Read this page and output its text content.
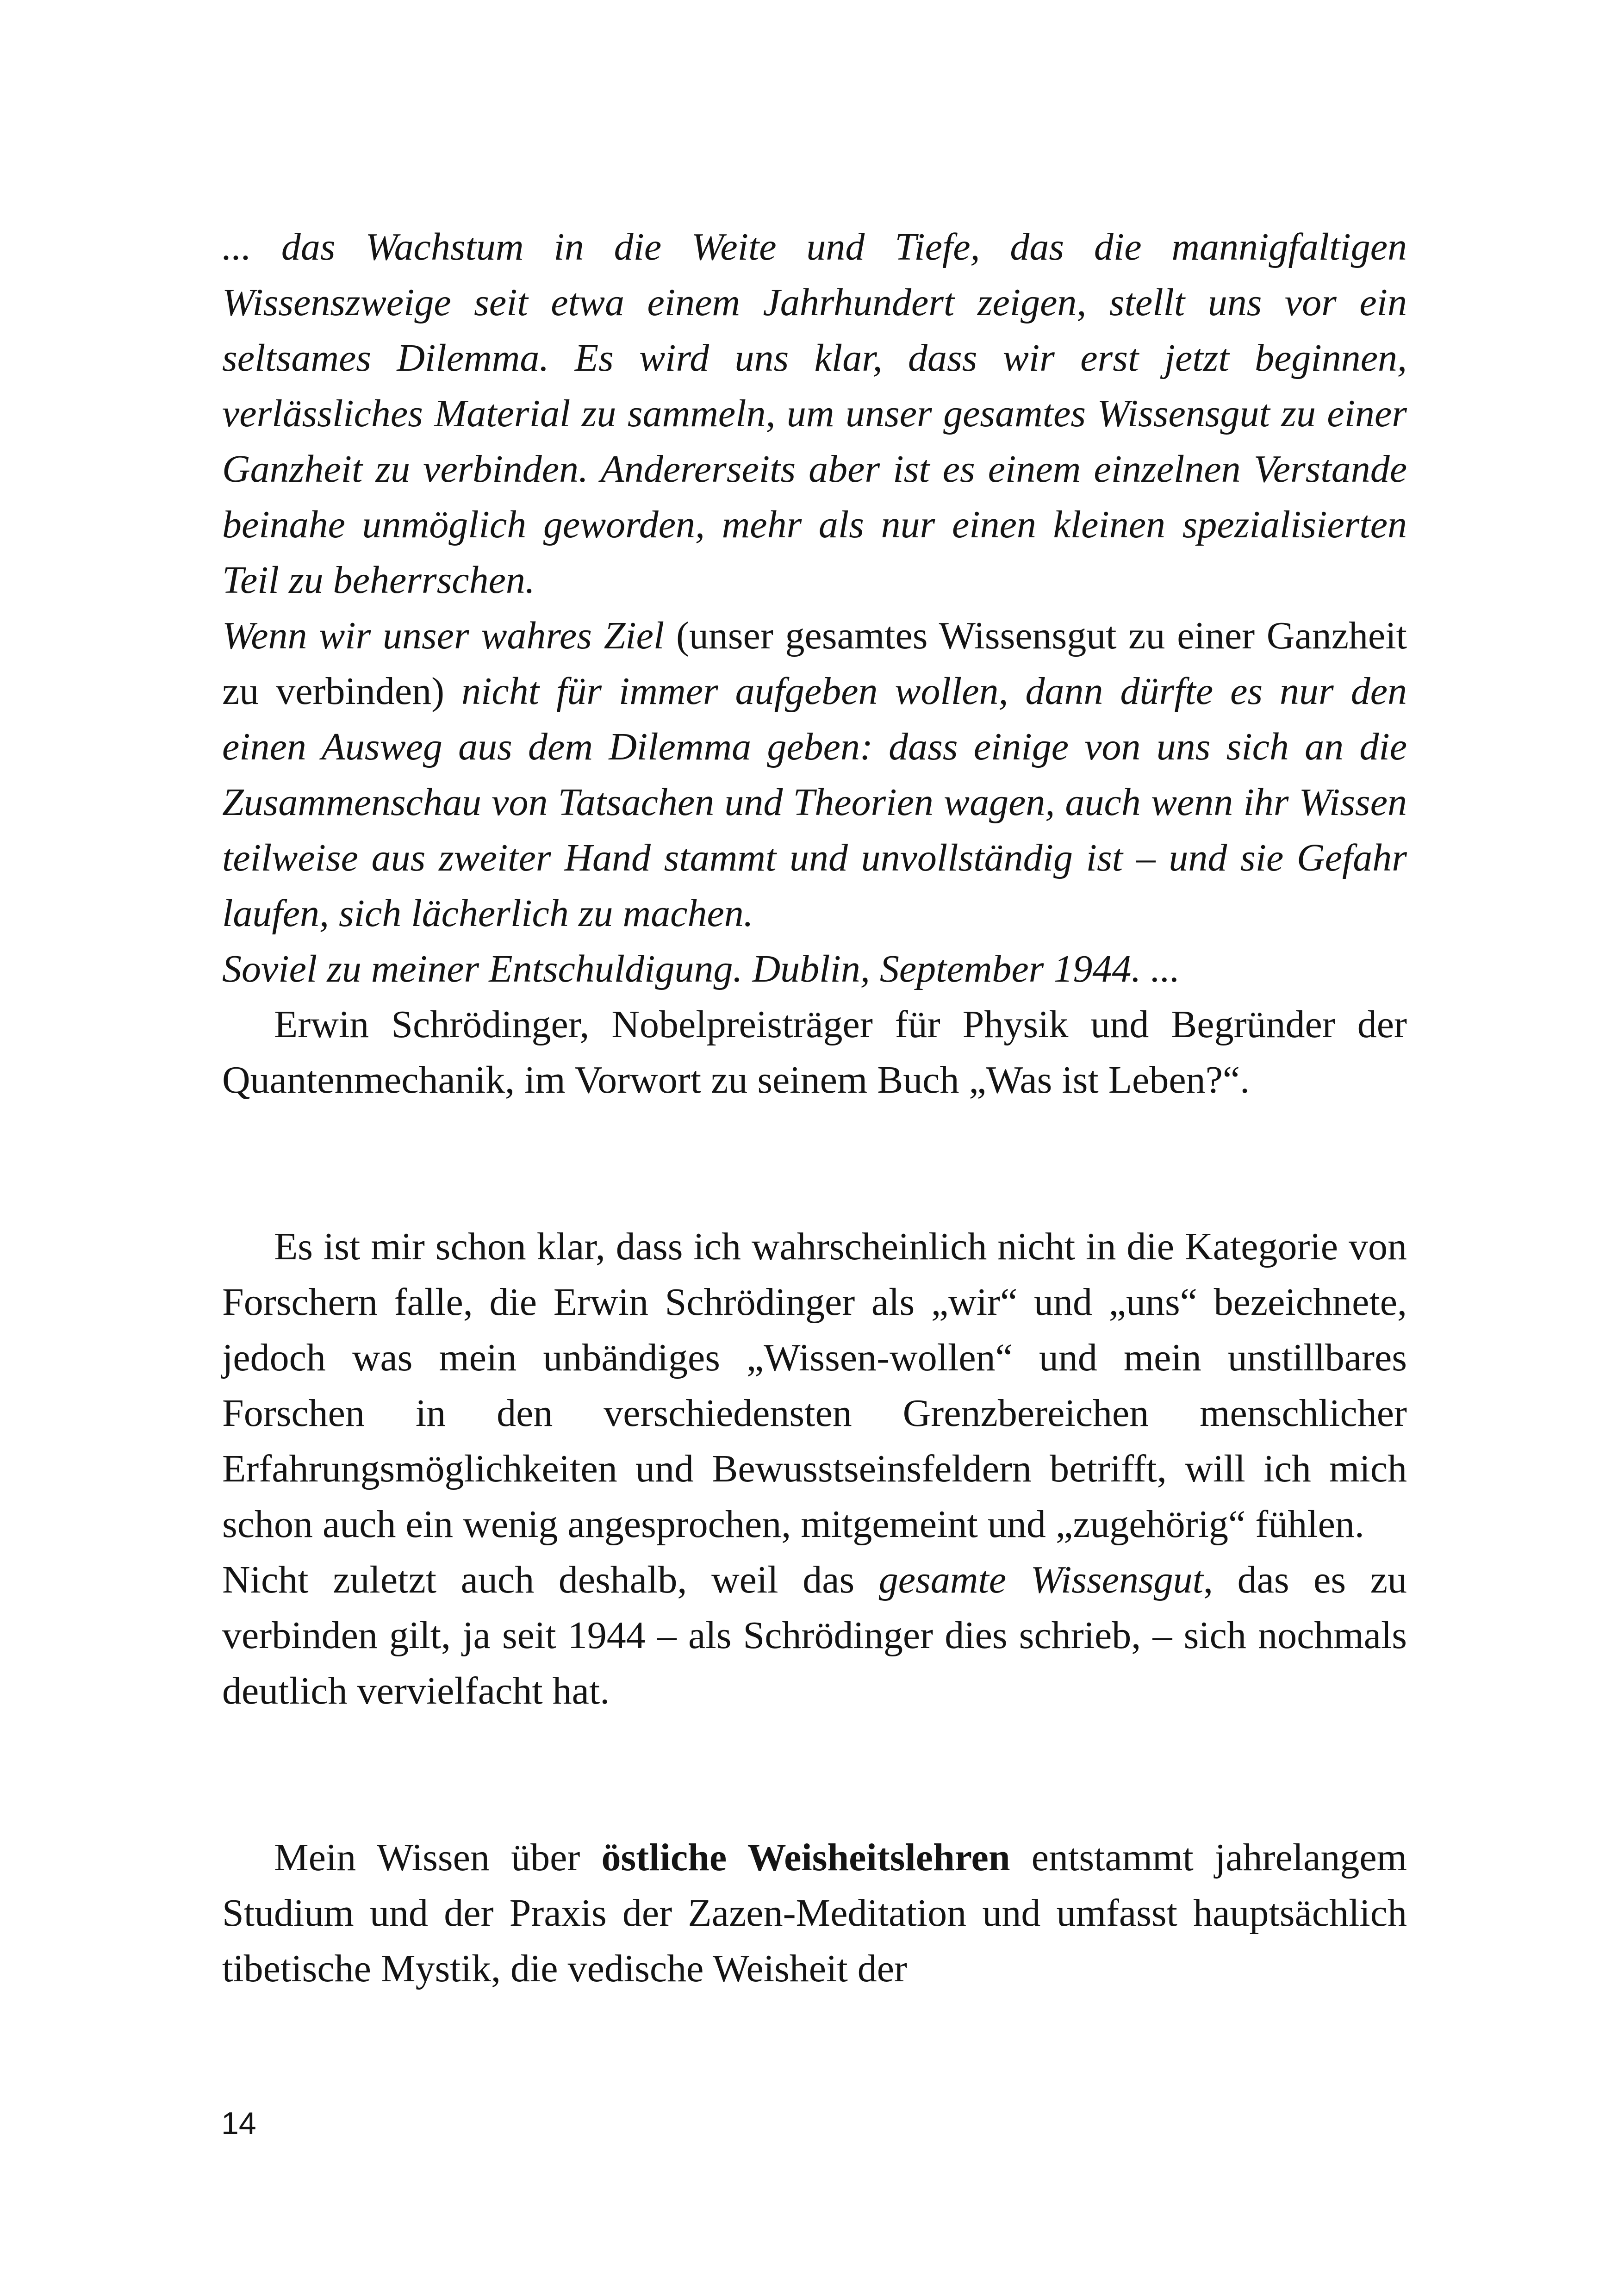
... das Wachstum in die Weite und Tiefe, das die mannigfaltigen Wissenszweige seit etwa einem Jahrhundert zeigen, stellt uns vor ein seltsames Dilemma. Es wird uns klar, dass wir erst jetzt beginnen, verlässliches Material zu sammeln, um unser gesamtes Wissensgut zu einer Ganzheit zu verbinden. Andererseits aber ist es einem einzelnen Verstande beinahe unmöglich geworden, mehr als nur einen kleinen spezialisierten Teil zu beherrschen.

Wenn wir unser wahres Ziel (unser gesamtes Wissensgut zu einer Ganzheit zu verbinden) nicht für immer aufgeben wollen, dann dürfte es nur den einen Ausweg aus dem Dilemma geben: dass einige von uns sich an die Zusammenschau von Tatsachen und Theorien wagen, auch wenn ihr Wissen teilweise aus zweiter Hand stammt und unvollständig ist – und sie Gefahr laufen, sich lächerlich zu machen.

Soviel zu meiner Entschuldigung. Dublin, September 1944. ...

Erwin Schrödinger, Nobelpreisträger für Physik und Begründer der Quantenmechanik, im Vorwort zu seinem Buch „Was ist Leben?“.

Es ist mir schon klar, dass ich wahrscheinlich nicht in die Kategorie von Forschern falle, die Erwin Schrödinger als „wir“ und „uns“ bezeichnete, jedoch was mein unbändiges „Wissen-wollen“ und mein unstillbares Forschen in den verschiedensten Grenzbereichen menschlicher Erfahrungsmöglichkeiten und Bewusstseinsfeldern betrifft, will ich mich schon auch ein wenig angesprochen, mitgemeint und „zugehörig“ fühlen.

Nicht zuletzt auch deshalb, weil das gesamte Wissensgut, das es zu verbinden gilt, ja seit 1944 – als Schrödinger dies schrieb, – sich nochmals deutlich vervielfacht hat.

Mein Wissen über östliche Weisheitslehren entstammt jahrelangem Studium und der Praxis der Zazen-Meditation und umfasst hauptsächlich tibetische Mystik, die vedische Weisheit der

14
